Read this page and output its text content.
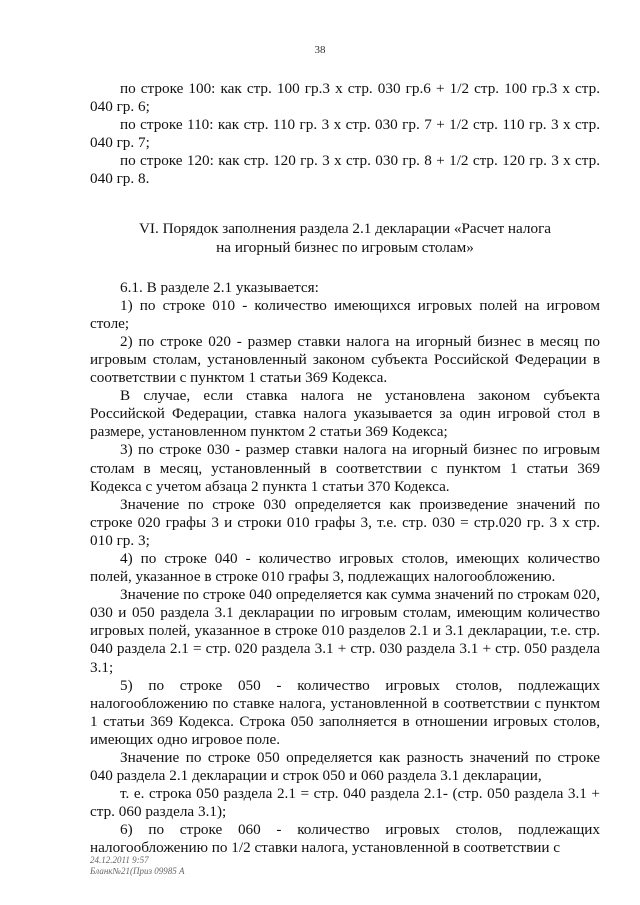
38

по строке 100: как стр. 100 гр.3 х стр. 030 гр.6 + 1/2 стр. 100 гр.3 х стр. 040 гр. 6;

по строке 110: как стр. 110 гр. 3 х стр. 030 гр. 7 + 1/2 стр. 110 гр. 3 х стр. 040 гр. 7;

по строке 120: как стр. 120 гр. 3 х стр. 030 гр. 8 + 1/2 стр. 120 гр. 3 х стр. 040 гр. 8.

VI. Порядок заполнения раздела 2.1 декларации «Расчет налога
на игорный бизнес по игровым столам»

6.1. В разделе 2.1 указывается:

1) по строке 010 - количество имеющихся игровых полей на игровом столе;

2) по строке 020 - размер ставки налога на игорный бизнес в месяц по игровым столам, установленный законом субъекта Российской Федерации в соответствии с пунктом 1 статьи 369 Кодекса.

В случае, если ставка налога не установлена законом субъекта Российской Федерации, ставка налога указывается за один игровой стол в размере, установленном пунктом 2 статьи 369 Кодекса;

3) по строке 030 - размер ставки налога на игорный бизнес по игровым столам в месяц, установленный в соответствии с пунктом 1 статьи 369 Кодекса с учетом абзаца 2 пункта 1 статьи 370 Кодекса.

Значение по строке 030 определяется как произведение значений по строке 020 графы 3 и строки 010 графы 3, т.е. стр. 030 = стр.020 гр. 3 х стр. 010 гр. 3;

4) по строке 040 - количество игровых столов, имеющих количество полей, указанное в строке 010 графы 3, подлежащих налогообложению.

Значение по строке 040 определяется как сумма значений по строкам 020, 030 и 050 раздела 3.1 декларации по игровым столам, имеющим количество игровых полей, указанное в строке 010 разделов 2.1 и 3.1 декларации, т.е. стр. 040 раздела 2.1 = стр. 020 раздела 3.1 + стр. 030 раздела 3.1 + стр. 050 раздела 3.1;

5) по строке 050 - количество игровых столов, подлежащих налогообложению по ставке налога, установленной в соответствии с пунктом 1 статьи 369 Кодекса. Строка 050 заполняется в отношении игровых столов, имеющих одно игровое поле.

Значение по строке 050 определяется как разность значений по строке 040 раздела 2.1 декларации и строк 050 и 060 раздела 3.1 декларации,

т. е. строка 050 раздела 2.1 = стр. 040 раздела 2.1- (стр. 050 раздела 3.1 + стр. 060 раздела 3.1);

6) по строке 060 - количество игровых столов, подлежащих налогообложению по 1/2 ставки налога, установленной в соответствии с

24.12.2011 9:57
Бланк№21(Приз 09985 А
